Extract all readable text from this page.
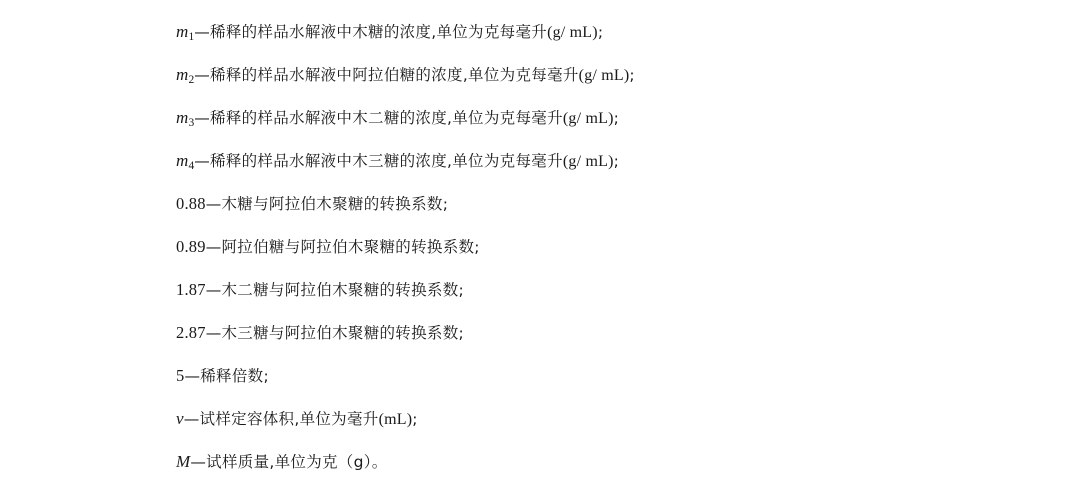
$m_1—$稀释的样品水解液中木糖的浓度,单位为克每毫升(g/ mL);
$m_2—$稀释的样品水解液中阿拉伯糖的浓度,单位为克每毫升(g/ mL);
$m_3—$稀释的样品水解液中木二糖的浓度,单位为克每毫升(g/ mL);
$m_4—$稀释的样品水解液中木三糖的浓度,单位为克每毫升(g/ mL);
0.88—木糖与阿拉伯木聚糖的转换系数;
0.89—阿拉伯糖与阿拉伯木聚糖的转换系数;
1.87—木二糖与阿拉伯木聚糖的转换系数;
2.87—木三糖与阿拉伯木聚糖的转换系数;
5—稀释倍数;
v—试样定容体积,单位为毫升(mL);
M—试样质量,单位为克（g）。
